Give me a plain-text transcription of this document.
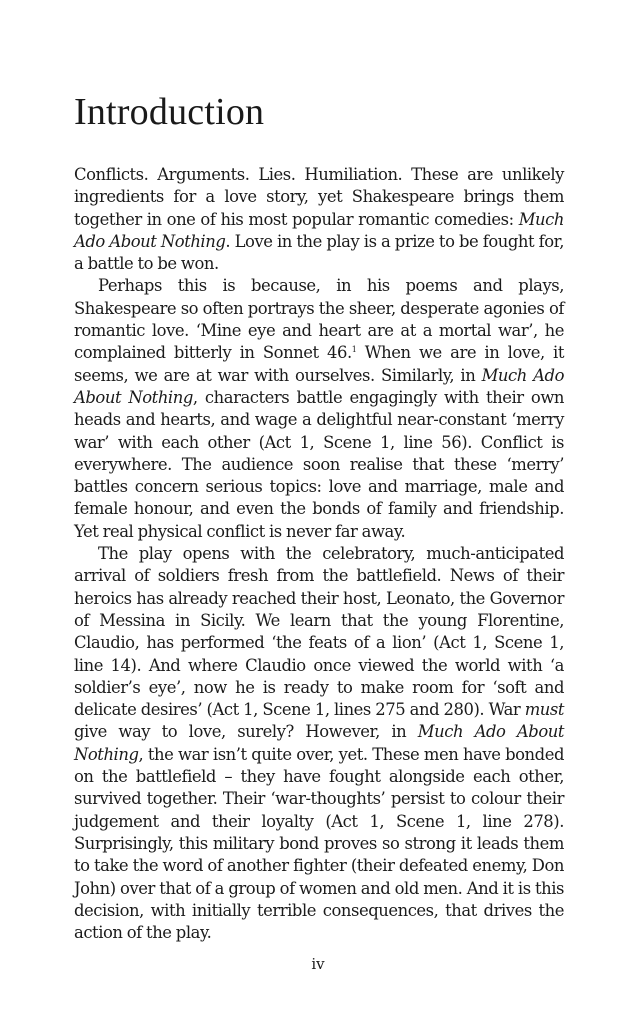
Introduction

Conflicts. Arguments. Lies. Humiliation. These are unlikely ingredients for a love story, yet Shakespeare brings them together in one of his most popular romantic comedies: Much Ado About Nothing. Love in the play is a prize to be fought for, a battle to be won.

Perhaps this is because, in his poems and plays, Shakespeare so often portrays the sheer, desperate agonies of romantic love. ‘Mine eye and heart are at a mortal war’, he complained bitterly in Sonnet 46.$^1$ When we are in love, it seems, we are at war with ourselves. Similarly, in Much Ado About Nothing, characters battle engagingly with their own heads and hearts, and wage a delightful near-constant ‘merry war’ with each other (Act 1, Scene 1, line 56). Conflict is everywhere. The audience soon realise that these ‘merry’ battles concern serious topics: love and marriage, male and female honour, and even the bonds of family and friendship. Yet real physical conflict is never far away.

The play opens with the celebratory, much-anticipated arrival of soldiers fresh from the battlefield. News of their heroics has already reached their host, Leonato, the Governor of Messina in Sicily. We learn that the young Florentine, Claudio, has performed ‘the feats of a lion’ (Act 1, Scene 1, line 14). And where Claudio once viewed the world with ‘a soldier’s eye’, now he is ready to make room for ‘soft and delicate desires’ (Act 1, Scene 1, lines 275 and 280). War must give way to love, surely? However, in Much Ado About Nothing, the war isn’t quite over, yet. These men have bonded on the battlefield – they have fought alongside each other, survived together. Their ‘war-thoughts’ persist to colour their judgement and their loyalty (Act 1, Scene 1, line 278). Surprisingly, this military bond proves so strong it leads them to take the word of another fighter (their defeated enemy, Don John) over that of a group of women and old men. And it is this decision, with initially terrible consequences, that drives the action of the play.

iv
